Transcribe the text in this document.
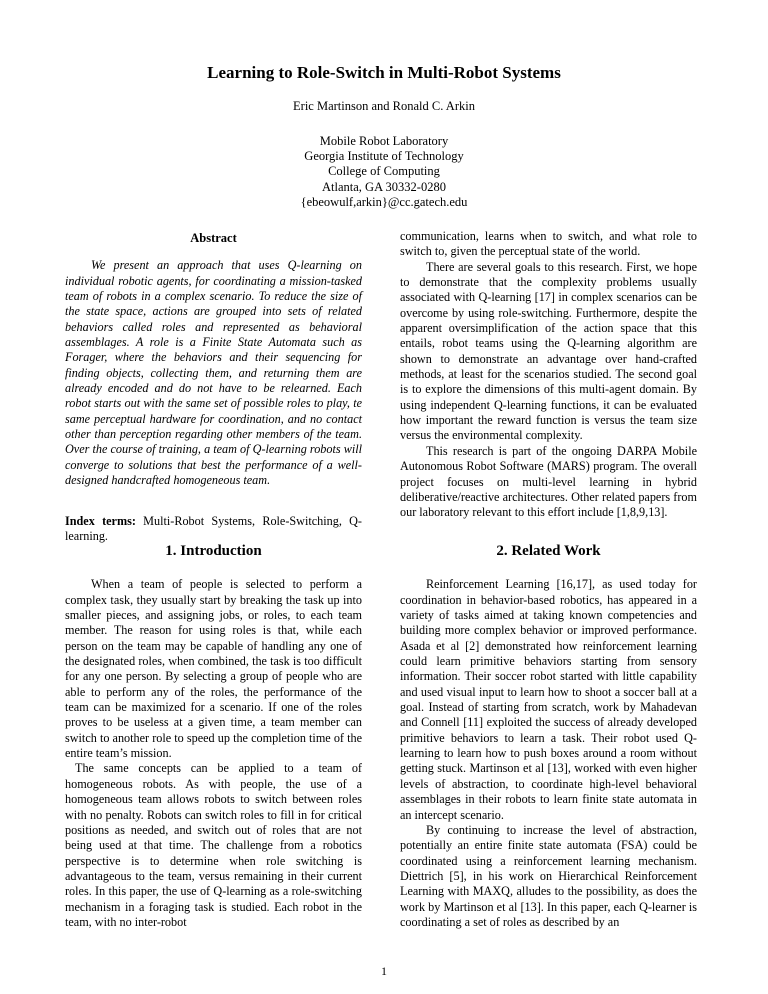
Learning to Role-Switch in Multi-Robot Systems
Eric Martinson and Ronald C. Arkin
Mobile Robot Laboratory
Georgia Institute of Technology
College of Computing
Atlanta, GA 30332-0280
{ebeowulf,arkin}@cc.gatech.edu
Abstract

We present an approach that uses Q-learning on individual robotic agents, for coordinating a mission-tasked team of robots in a complex scenario. To reduce the size of the state space, actions are grouped into sets of related behaviors called roles and represented as behavioral assemblages. A role is a Finite State Automata such as Forager, where the behaviors and their sequencing for finding objects, collecting them, and returning them are already encoded and do not have to be relearned. Each robot starts out with the same set of possible roles to play, te same perceptual hardware for coordination, and no contact other than perception regarding other members of the team. Over the course of training, a team of Q-learning robots will converge to solutions that best the performance of a well-designed handcrafted homogeneous team.

Index terms: Multi-Robot Systems, Role-Switching, Q-learning.

1. Introduction

When a team of people is selected to perform a complex task, they usually start by breaking the task up into smaller pieces, and assigning jobs, or roles, to each team member. The reason for using roles is that, while each person on the team may be capable of handling any one of the designated roles, when combined, the task is too difficult for any one person. By selecting a group of people who are able to perform any of the roles, the performance of the team can be maximized for a scenario. If one of the roles proves to be useless at a given time, a team member can switch to another role to speed up the completion time of the entire team’s mission.

The same concepts can be applied to a team of homogeneous robots. As with people, the use of a homogeneous team allows robots to switch between roles with no penalty. Robots can switch roles to fill in for critical positions as needed, and switch out of roles that are not being used at that time. The challenge from a robotics perspective is to determine when role switching is advantageous to the team, versus remaining in their current roles. In this paper, the use of Q-learning as a role-switching mechanism in a foraging task is studied. Each robot in the team, with no inter-robot

communication, learns when to switch, and what role to switch to, given the perceptual state of the world.

There are several goals to this research. First, we hope to demonstrate that the complexity problems usually associated with Q-learning [17] in complex scenarios can be overcome by using role-switching. Furthermore, despite the apparent oversimplification of the action space that this entails, robot teams using the Q-learning algorithm are shown to demonstrate an advantage over hand-crafted methods, at least for the scenarios studied. The second goal is to explore the dimensions of this multi-agent domain. By using independent Q-learning functions, it can be evaluated how important the reward function is versus the team size versus the environmental complexity.

This research is part of the ongoing DARPA Mobile Autonomous Robot Software (MARS) program. The overall project focuses on multi-level learning in hybrid deliberative/reactive architectures. Other related papers from our laboratory relevant to this effort include [1,8,9,13].

2. Related Work

Reinforcement Learning [16,17], as used today for coordination in behavior-based robotics, has appeared in a variety of tasks aimed at taking known competencies and building more complex behavior or improved performance. Asada et al [2] demonstrated how reinforcement learning could learn primitive behaviors starting from sensory information. Their soccer robot started with little capability and used visual input to learn how to shoot a soccer ball at a goal. Instead of starting from scratch, work by Mahadevan and Connell [11] exploited the success of already developed primitive behaviors to learn a task. Their robot used Q-learning to learn how to push boxes around a room without getting stuck. Martinson et al [13], worked with even higher levels of abstraction, to coordinate high-level behavioral assemblages in their robots to learn finite state automata in an intercept scenario.

By continuing to increase the level of abstraction, potentially an entire finite state automata (FSA) could be coordinated using a reinforcement learning mechanism. Diettrich [5], in his work on Hierarchical Reinforcement Learning with MAXQ, alludes to the possibility, as does the work by Martinson et al [13]. In this paper, each Q-learner is coordinating a set of roles as described by an

1
